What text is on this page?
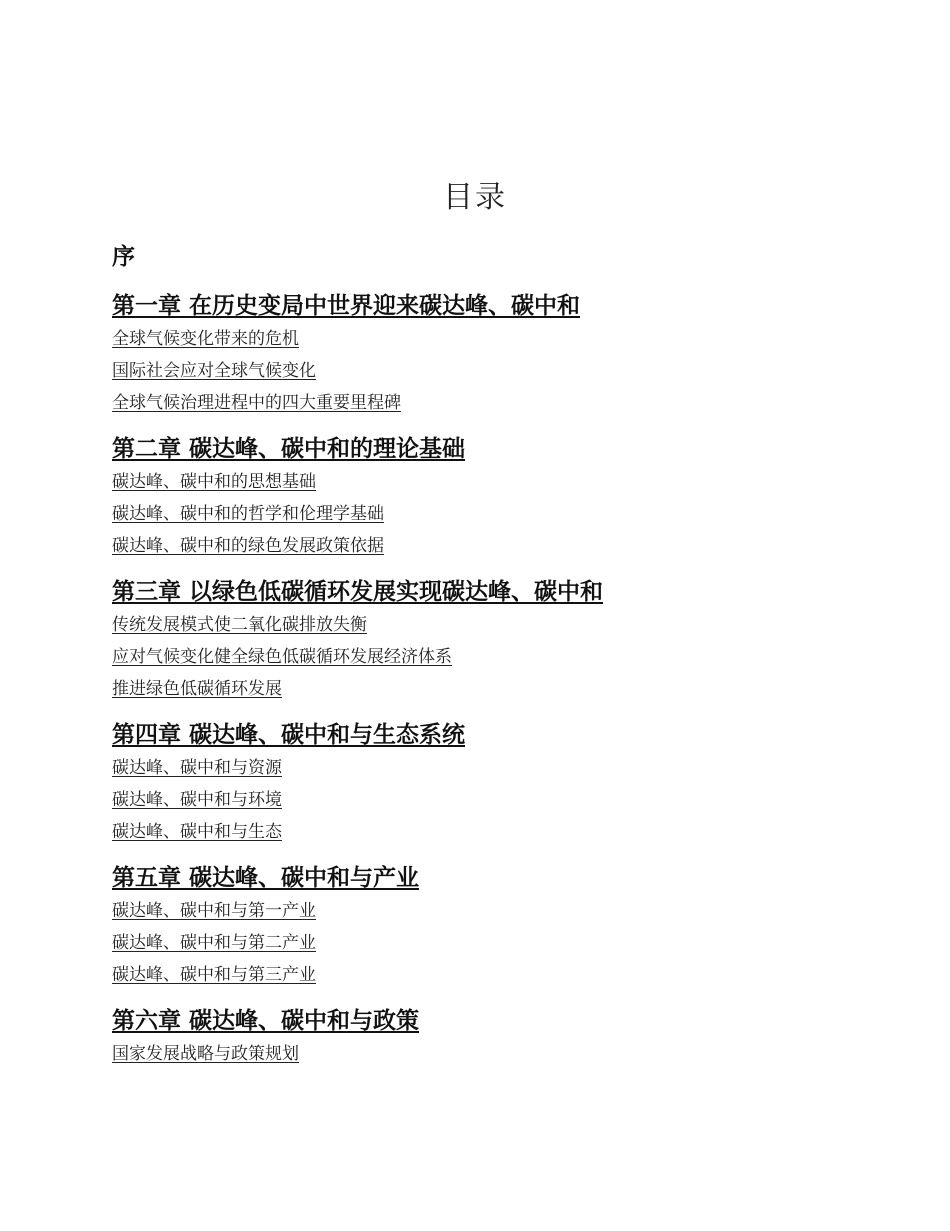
目录
序
第一章 在历史变局中世界迎来碳达峰、碳中和
全球气候变化带来的危机
国际社会应对全球气候变化
全球气候治理进程中的四大重要里程碑
第二章 碳达峰、碳中和的理论基础
碳达峰、碳中和的思想基础
碳达峰、碳中和的哲学和伦理学基础
碳达峰、碳中和的绿色发展政策依据
第三章 以绿色低碳循环发展实现碳达峰、碳中和
传统发展模式使二氧化碳排放失衡
应对气候变化健全绿色低碳循环发展经济体系
推进绿色低碳循环发展
第四章 碳达峰、碳中和与生态系统
碳达峰、碳中和与资源
碳达峰、碳中和与环境
碳达峰、碳中和与生态
第五章 碳达峰、碳中和与产业
碳达峰、碳中和与第一产业
碳达峰、碳中和与第二产业
碳达峰、碳中和与第三产业
第六章 碳达峰、碳中和与政策
国家发展战略与政策规划
